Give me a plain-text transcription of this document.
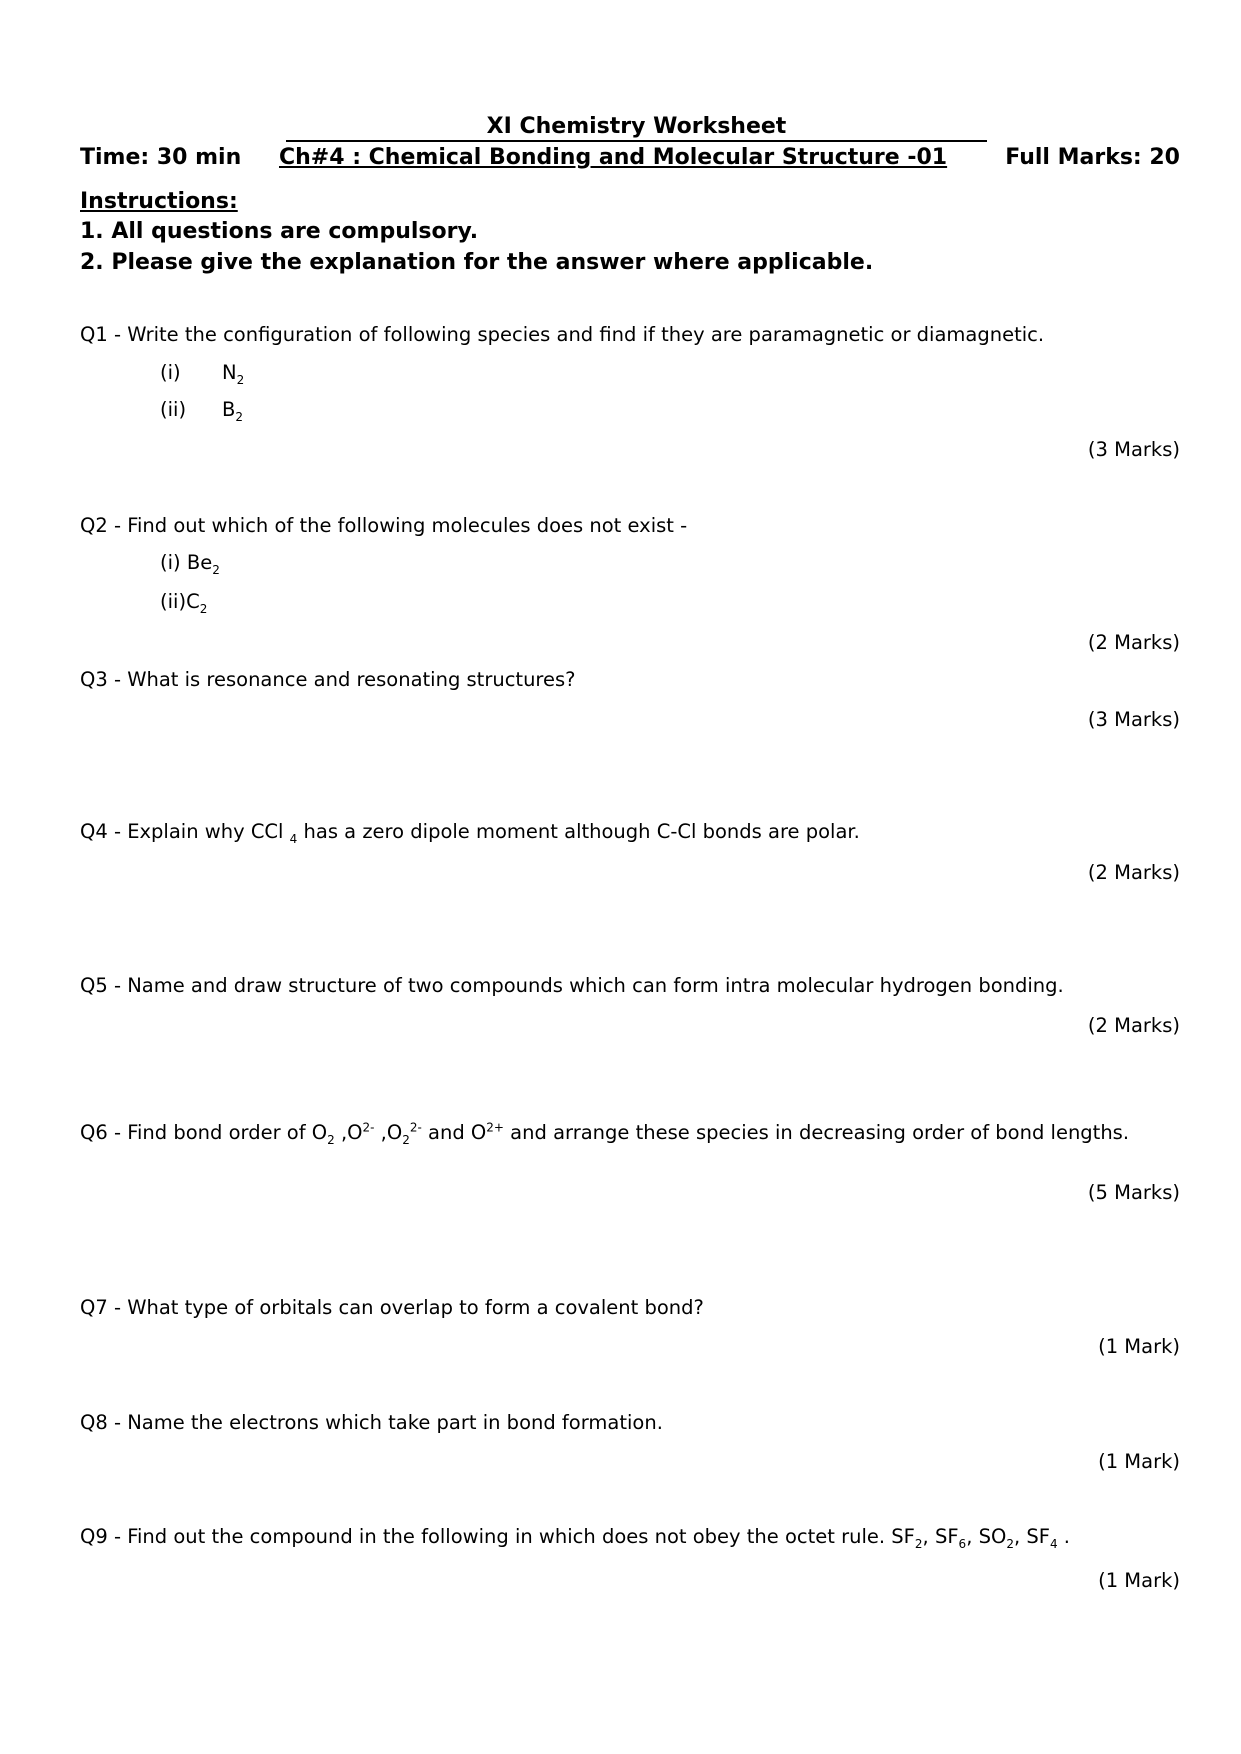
XI Chemistry Worksheet
Time: 30 min Ch#4 : Chemical Bonding and Molecular Structure -01	Full Marks: 20
Instructions:
1. All questions are compulsory.
2. Please give the explanation for the answer where applicable.
Q1 - Write the configuration of following species and find if they are paramagnetic or diamagnetic.
(i) $N_2$
(ii) $B_2$
(3 Marks)
Q2 - Find out which of the following molecules does not exist -
(i) $Be_2$
$(ii)C_2$
(2 Marks)
Q3 - What is resonance and resonating structures?
(3 Marks)
Q4 - Explain why CCl $_4$ has a zero dipole moment although C-Cl bonds are polar.
(2 Marks)
Q5 - Name and draw structure of two compounds which can form intra molecular hydrogen bonding.
(2 Marks)
Q6 - Find bond order of $O_2$ $,O^{2-}$ $,O_2^{2-}$ and $O^{2+}$ and arrange these species in decreasing order of bond lengths.
(5 Marks)
Q7 - What type of orbitals can overlap to form a covalent bond?
(1 Mark)
Q8 - Name the electrons which take part in bond formation.
(1 Mark)
Q9 - Find out the compound in the following in which does not obey the octet rule. $SF_2$, $SF_6$, $SO_2$, $SF_4$ .
(1 Mark)
